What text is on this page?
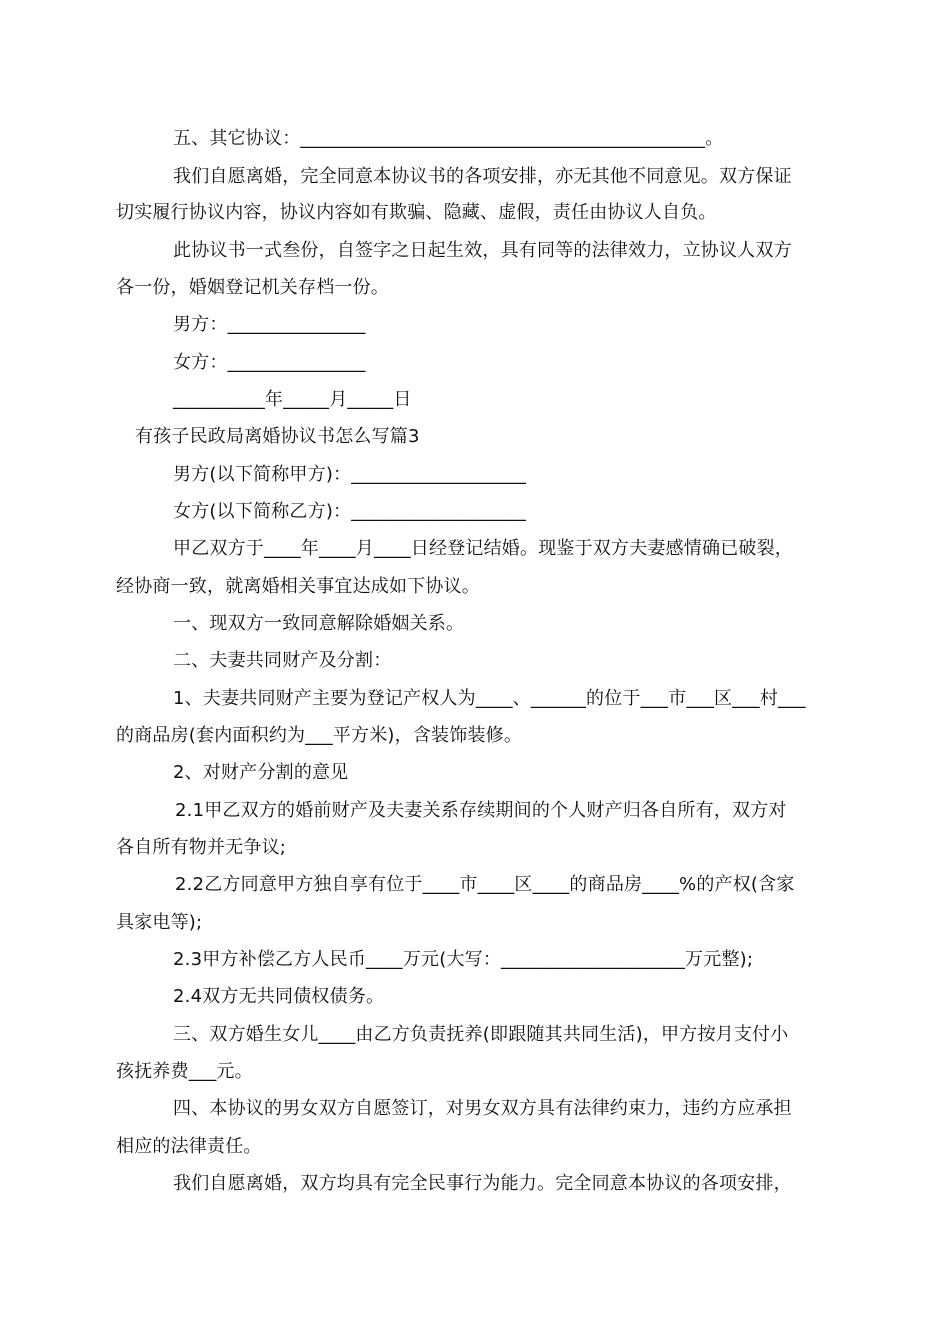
五、其它协议：____________________________________________。
我们自愿离婚，完全同意本协议书的各项安排，亦无其他不同意见。双方保证
切实履行协议内容，协议内容如有欺骗、隐藏、虚假，责任由协议人自负。
此协议书一式叁份，自签字之日起生效，具有同等的法律效力，立协议人双方
各一份，婚姻登记机关存档一份。
男方：_______________
女方：_______________
__________年_____月_____日
有孩子民政局离婚协议书怎么写篇3
男方(以下简称甲方)：___________________
女方(以下简称乙方)：___________________
甲乙双方于____年____月____日经登记结婚。现鉴于双方夫妻感情确已破裂，
经协商一致，就离婚相关事宜达成如下协议。
一、现双方一致同意解除婚姻关系。
二、夫妻共同财产及分割：
1、夫妻共同财产主要为登记产权人为____、______的位于___市___区___村___
的商品房(套内面积约为___平方米)，含装饰装修。
2、对财产分割的意见
2.1甲乙双方的婚前财产及夫妻关系存续期间的个人财产归各自所有，双方对
各自所有物并无争议;
2.2乙方同意甲方独自享有位于____市____区____的商品房____%的产权(含家
具家电等);
2.3甲方补偿乙方人民币____万元(大写：____________________万元整);
2.4双方无共同债权债务。
三、双方婚生女儿____由乙方负责抚养(即跟随其共同生活)，甲方按月支付小
孩抚养费___元。
四、本协议的男女双方自愿签订，对男女双方具有法律约束力，违约方应承担
相应的法律责任。
我们自愿离婚，双方均具有完全民事行为能力。完全同意本协议的各项安排，
